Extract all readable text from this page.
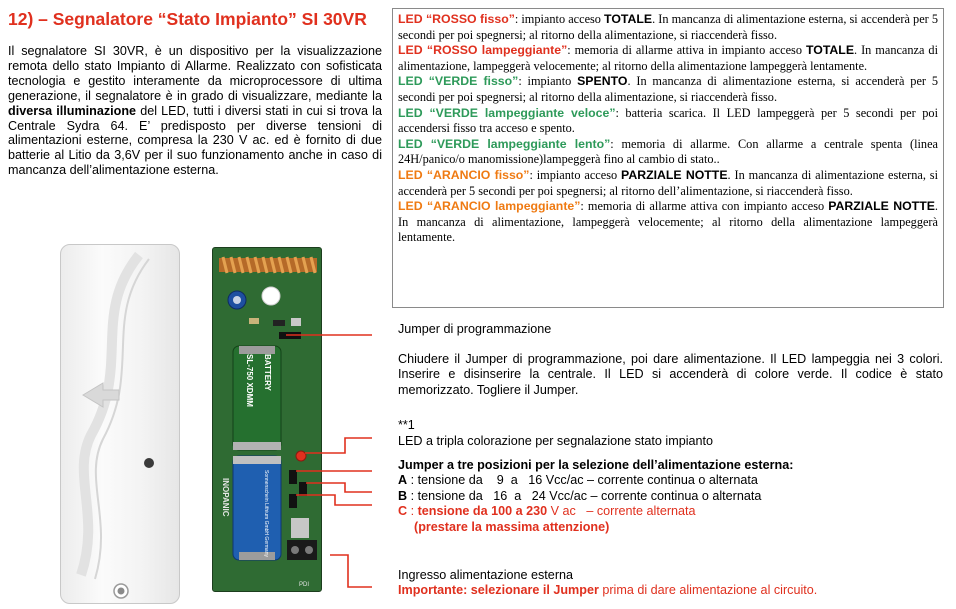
12) – Segnalatore “Stato Impianto” SI 30VR
Il segnalatore SI 30VR, è un dispositivo per la visualizzazione remota dello stato Impianto di Allarme. Realizzato con sofisticata tecnologia e gestito interamente da microprocessore di ultima generazione, il segnalatore è in grado di visualizzare, mediante la diversa illuminazione del LED, tutti i diversi stati in cui si trova la Centrale Sydra 64. E’ predisposto per diverse tensioni di alimentazioni esterne, compresa la 230 V ac. ed è fornito di due batterie al Litio da 3,6V per il suo funzionamento anche in caso di mancanza dell’alimentazione esterna.

LED “ROSSO fisso”: impianto acceso TOTALE. In mancanza di alimentazione esterna, si accenderà per 5 secondi per poi spegnersi; al ritorno della alimentazione, si riaccenderà fisso.

LED “ROSSO lampeggiante”: memoria di allarme attiva in impianto acceso TOTALE. In mancanza di alimentazione, lampeggerà velocemente; al ritorno della alimentazione lampeggerà lentamente.

LED “VERDE fisso”: impianto SPENTO. In mancanza di alimentazione esterna, si accenderà per 5 secondi per poi spegnersi; al ritorno della alimentazione, si riaccenderà fisso.

LED “VERDE lampeggiante veloce”: batteria scarica. Il LED lampeggerà per 5 secondi per poi accendersi fisso tra acceso e spento.

LED “VERDE lampeggiante lento”: memoria di allarme. Con allarme a centrale spenta (linea 24H/panico/o manomissione)lampeggerà fino al cambio di stato..

LED “ARANCIO fisso”: impianto acceso PARZIALE NOTTE. In mancanza di alimentazione esterna, si accenderà per 5 secondi per poi spegnersi; al ritorno dell’alimentazione, si riaccenderà fisso.

LED “ARANCIO lampeggiante”: memoria di allarme attiva con impianto acceso PARZIALE NOTTE. In mancanza di alimentazione, lampeggerà velocemente; al ritorno della alimentazione lampeggerà lentamente.

BATTERY
SL-750 XDMM
Sonnenschein Lithium GmbH Germany
INOPANIC
PDI
Jumper di programmazione
Chiudere il Jumper di programmazione, poi dare alimentazione. Il LED lampeggia nei 3 colori. Inserire e disinserire la centrale. Il LED si accenderà di colore verde. Il codice è stato memorizzato. Togliere il Jumper.
**1
LED a tripla colorazione per segnalazione stato impianto
Jumper a tre posizioni per la selezione dell’alimentazione esterna:
A : tensione da    9  a   16 Vcc/ac – corrente continua o alternata
B : tensione da   16  a   24 Vcc/ac – corrente continua o alternata
C : tensione da 100 a 230 V ac   – corrente alternata
(prestare la massima attenzione)
Ingresso alimentazione esterna
Importante: selezionare il Jumper prima di dare alimentazione al circuito.
